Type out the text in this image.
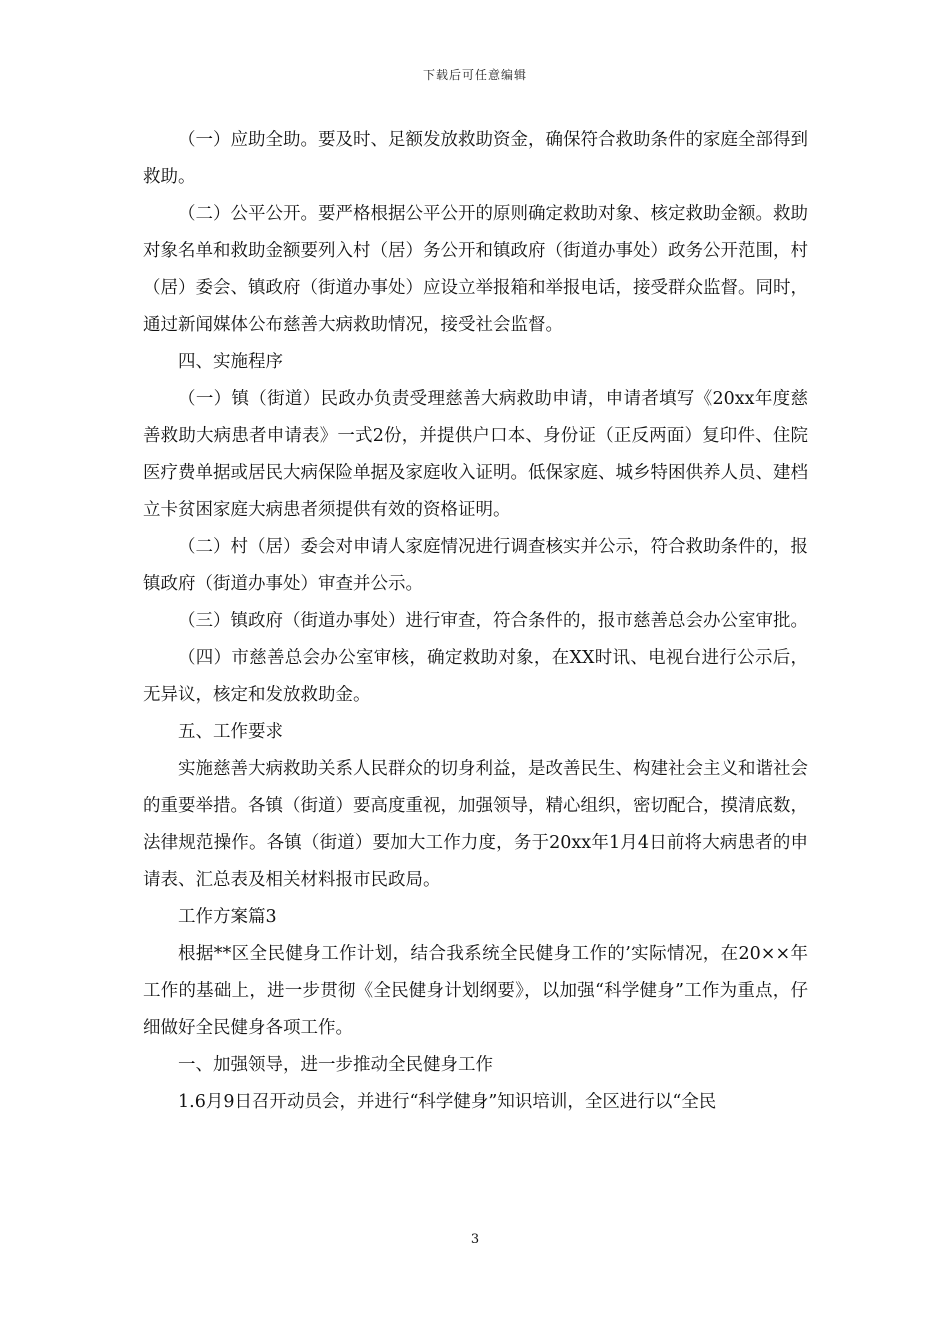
下载后可任意编辑

（一）应助全助。要及时、足额发放救助资金，确保符合救助条件的家庭全部得到救助。

（二）公平公开。要严格根据公平公开的原则确定救助对象、核定救助金额。救助对象名单和救助金额要列入村（居）务公开和镇政府（街道办事处）政务公开范围，村（居）委会、镇政府（街道办事处）应设立举报箱和举报电话，接受群众监督。同时，通过新闻媒体公布慈善大病救助情况，接受社会监督。

四、实施程序

（一）镇（街道）民政办负责受理慈善大病救助申请，申请者填写《20xx年度慈善救助大病患者申请表》一式2份，并提供户口本、身份证（正反两面）复印件、住院医疗费单据或居民大病保险单据及家庭收入证明。低保家庭、城乡特困供养人员、建档立卡贫困家庭大病患者须提供有效的资格证明。

（二）村（居）委会对申请人家庭情况进行调查核实并公示，符合救助条件的，报镇政府（街道办事处）审查并公示。

（三）镇政府（街道办事处）进行审查，符合条件的，报市慈善总会办公室审批。

（四）市慈善总会办公室审核，确定救助对象，在XX时讯、电视台进行公示后，无异议，核定和发放救助金。

五、工作要求

实施慈善大病救助关系人民群众的切身利益，是改善民生、构建社会主义和谐社会的重要举措。各镇（街道）要高度重视，加强领导，精心组织，密切配合，摸清底数，法律规范操作。各镇（街道）要加大工作力度，务于20xx年1月4日前将大病患者的申请表、汇总表及相关材料报市民政局。

工作方案篇3

根据**区全民健身工作计划，结合我系统全民健身工作的’实际情况，在20××年工作的基础上，进一步贯彻《全民健身计划纲要》，以加强“科学健身”工作为重点，仔细做好全民健身各项工作。

一、加强领导，进一步推动全民健身工作

1.6月9日召开动员会，并进行“科学健身”知识培训，全区进行以“全民

3
